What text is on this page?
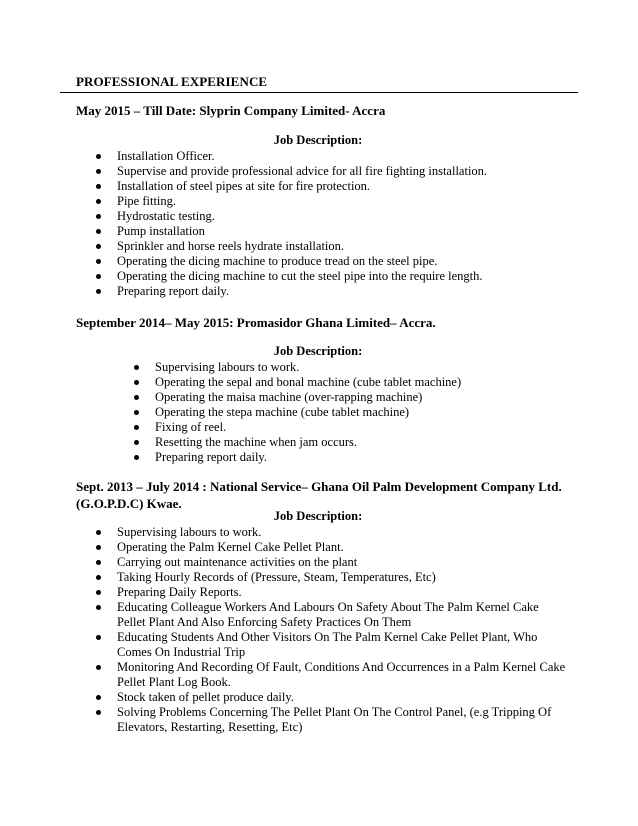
PROFESSIONAL EXPERIENCE
May 2015 – Till Date: Slyprin Company Limited- Accra
Job Description:
Installation Officer.
Supervise and provide professional advice for all fire fighting installation.
Installation of steel pipes at site for fire protection.
Pipe fitting.
Hydrostatic testing.
Pump installation
Sprinkler and horse reels hydrate installation.
Operating the dicing machine to produce tread on the steel pipe.
Operating the dicing machine to cut the steel pipe into the require length.
Preparing report daily.
September 2014– May 2015: Promasidor Ghana Limited– Accra.
Job Description:
Supervising labours to work.
Operating the sepal and bonal machine (cube tablet machine)
Operating the maisa machine (over-rapping machine)
Operating the stepa machine (cube tablet machine)
Fixing of reel.
Resetting the machine when jam occurs.
Preparing report daily.
Sept. 2013 – July 2014 : National Service– Ghana Oil Palm Development Company Ltd.
(G.O.P.D.C) Kwae.
Job Description:
Supervising labours to work.
Operating the Palm Kernel Cake Pellet Plant.
Carrying out maintenance activities on the plant
Taking Hourly Records of (Pressure, Steam, Temperatures, Etc)
Preparing Daily Reports.
Educating Colleague Workers And Labours On Safety About The Palm Kernel Cake Pellet Plant And Also Enforcing Safety Practices On Them
Educating Students And Other Visitors On The Palm Kernel Cake Pellet Plant, Who Comes On Industrial Trip
Monitoring And Recording Of Fault, Conditions And Occurrences in a Palm Kernel Cake Pellet Plant Log Book.
Stock taken of pellet produce daily.
Solving Problems Concerning The Pellet Plant On The Control Panel, (e.g Tripping Of Elevators, Restarting, Resetting, Etc)
